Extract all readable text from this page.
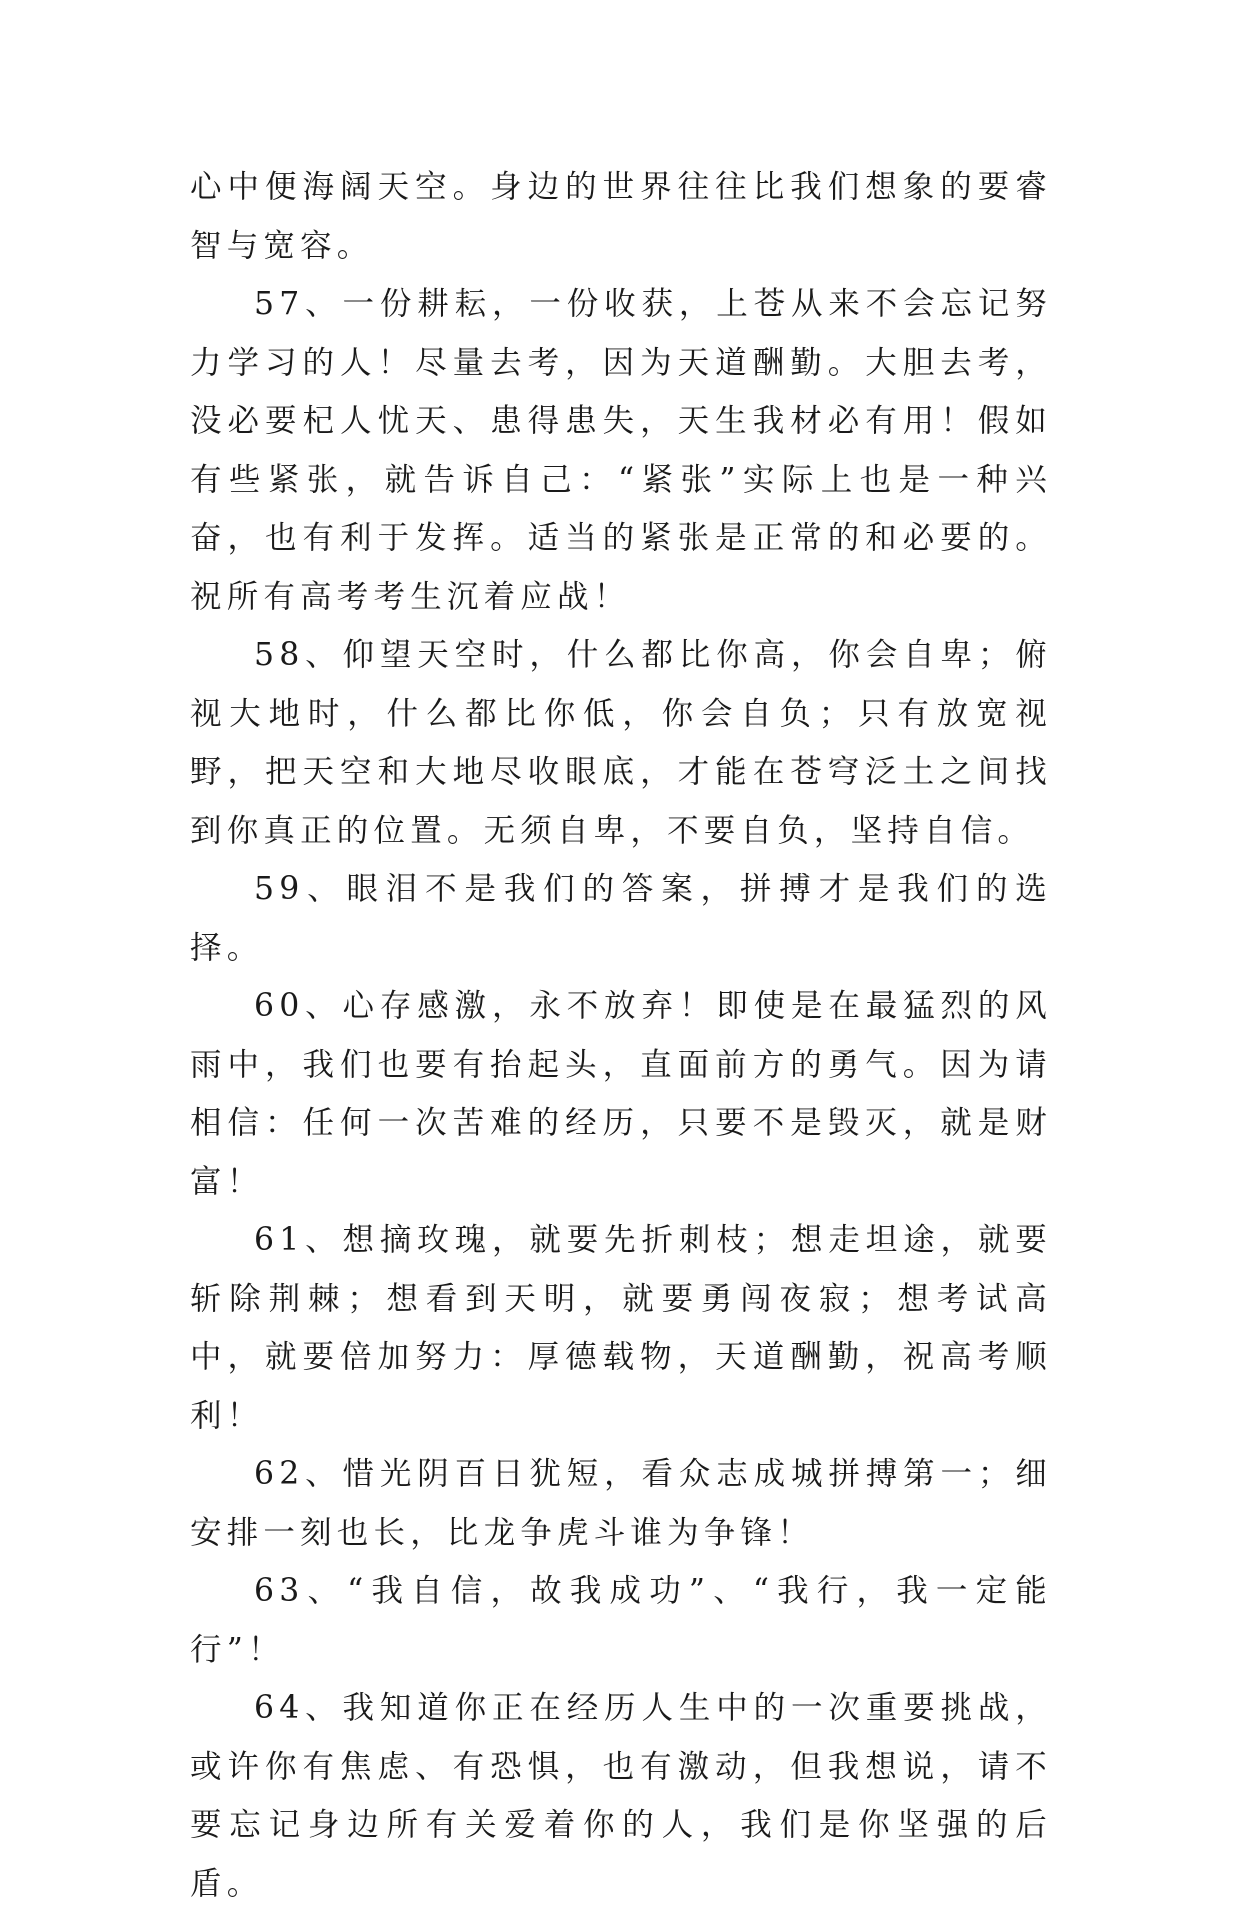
心中便海阔天空。身边的世界往往比我们想象的要睿智与宽容。

57、一份耕耘，一份收获，上苍从来不会忘记努力学习的人！尽量去考，因为天道酬勤。大胆去考，没必要杞人忧天、患得患失，天生我材必有用！假如有些紧张，就告诉自己：“紧张”实际上也是一种兴奋，也有利于发挥。适当的紧张是正常的和必要的。祝所有高考考生沉着应战！

58、仰望天空时，什么都比你高，你会自卑；俯视大地时，什么都比你低，你会自负；只有放宽视野，把天空和大地尽收眼底，才能在苍穹泛土之间找到你真正的位置。无须自卑，不要自负，坚持自信。

59、眼泪不是我们的答案，拼搏才是我们的选择。

60、心存感激，永不放弃！即使是在最猛烈的风雨中，我们也要有抬起头，直面前方的勇气。因为请相信：任何一次苦难的经历，只要不是毁灭，就是财富！

61、想摘玫瑰，就要先折刺枝；想走坦途，就要斩除荆棘；想看到天明，就要勇闯夜寂；想考试高中，就要倍加努力：厚德载物，天道酬勤，祝高考顺利！

62、惜光阴百日犹短，看众志成城拼搏第一；细安排一刻也长，比龙争虎斗谁为争锋！

63、“我自信，故我成功”、“我行，我一定能行”！

64、我知道你正在经历人生中的一次重要挑战，或许你有焦虑、有恐惧，也有激动，但我想说，请不要忘记身边所有关爱着你的人，我们是你坚强的后盾。
